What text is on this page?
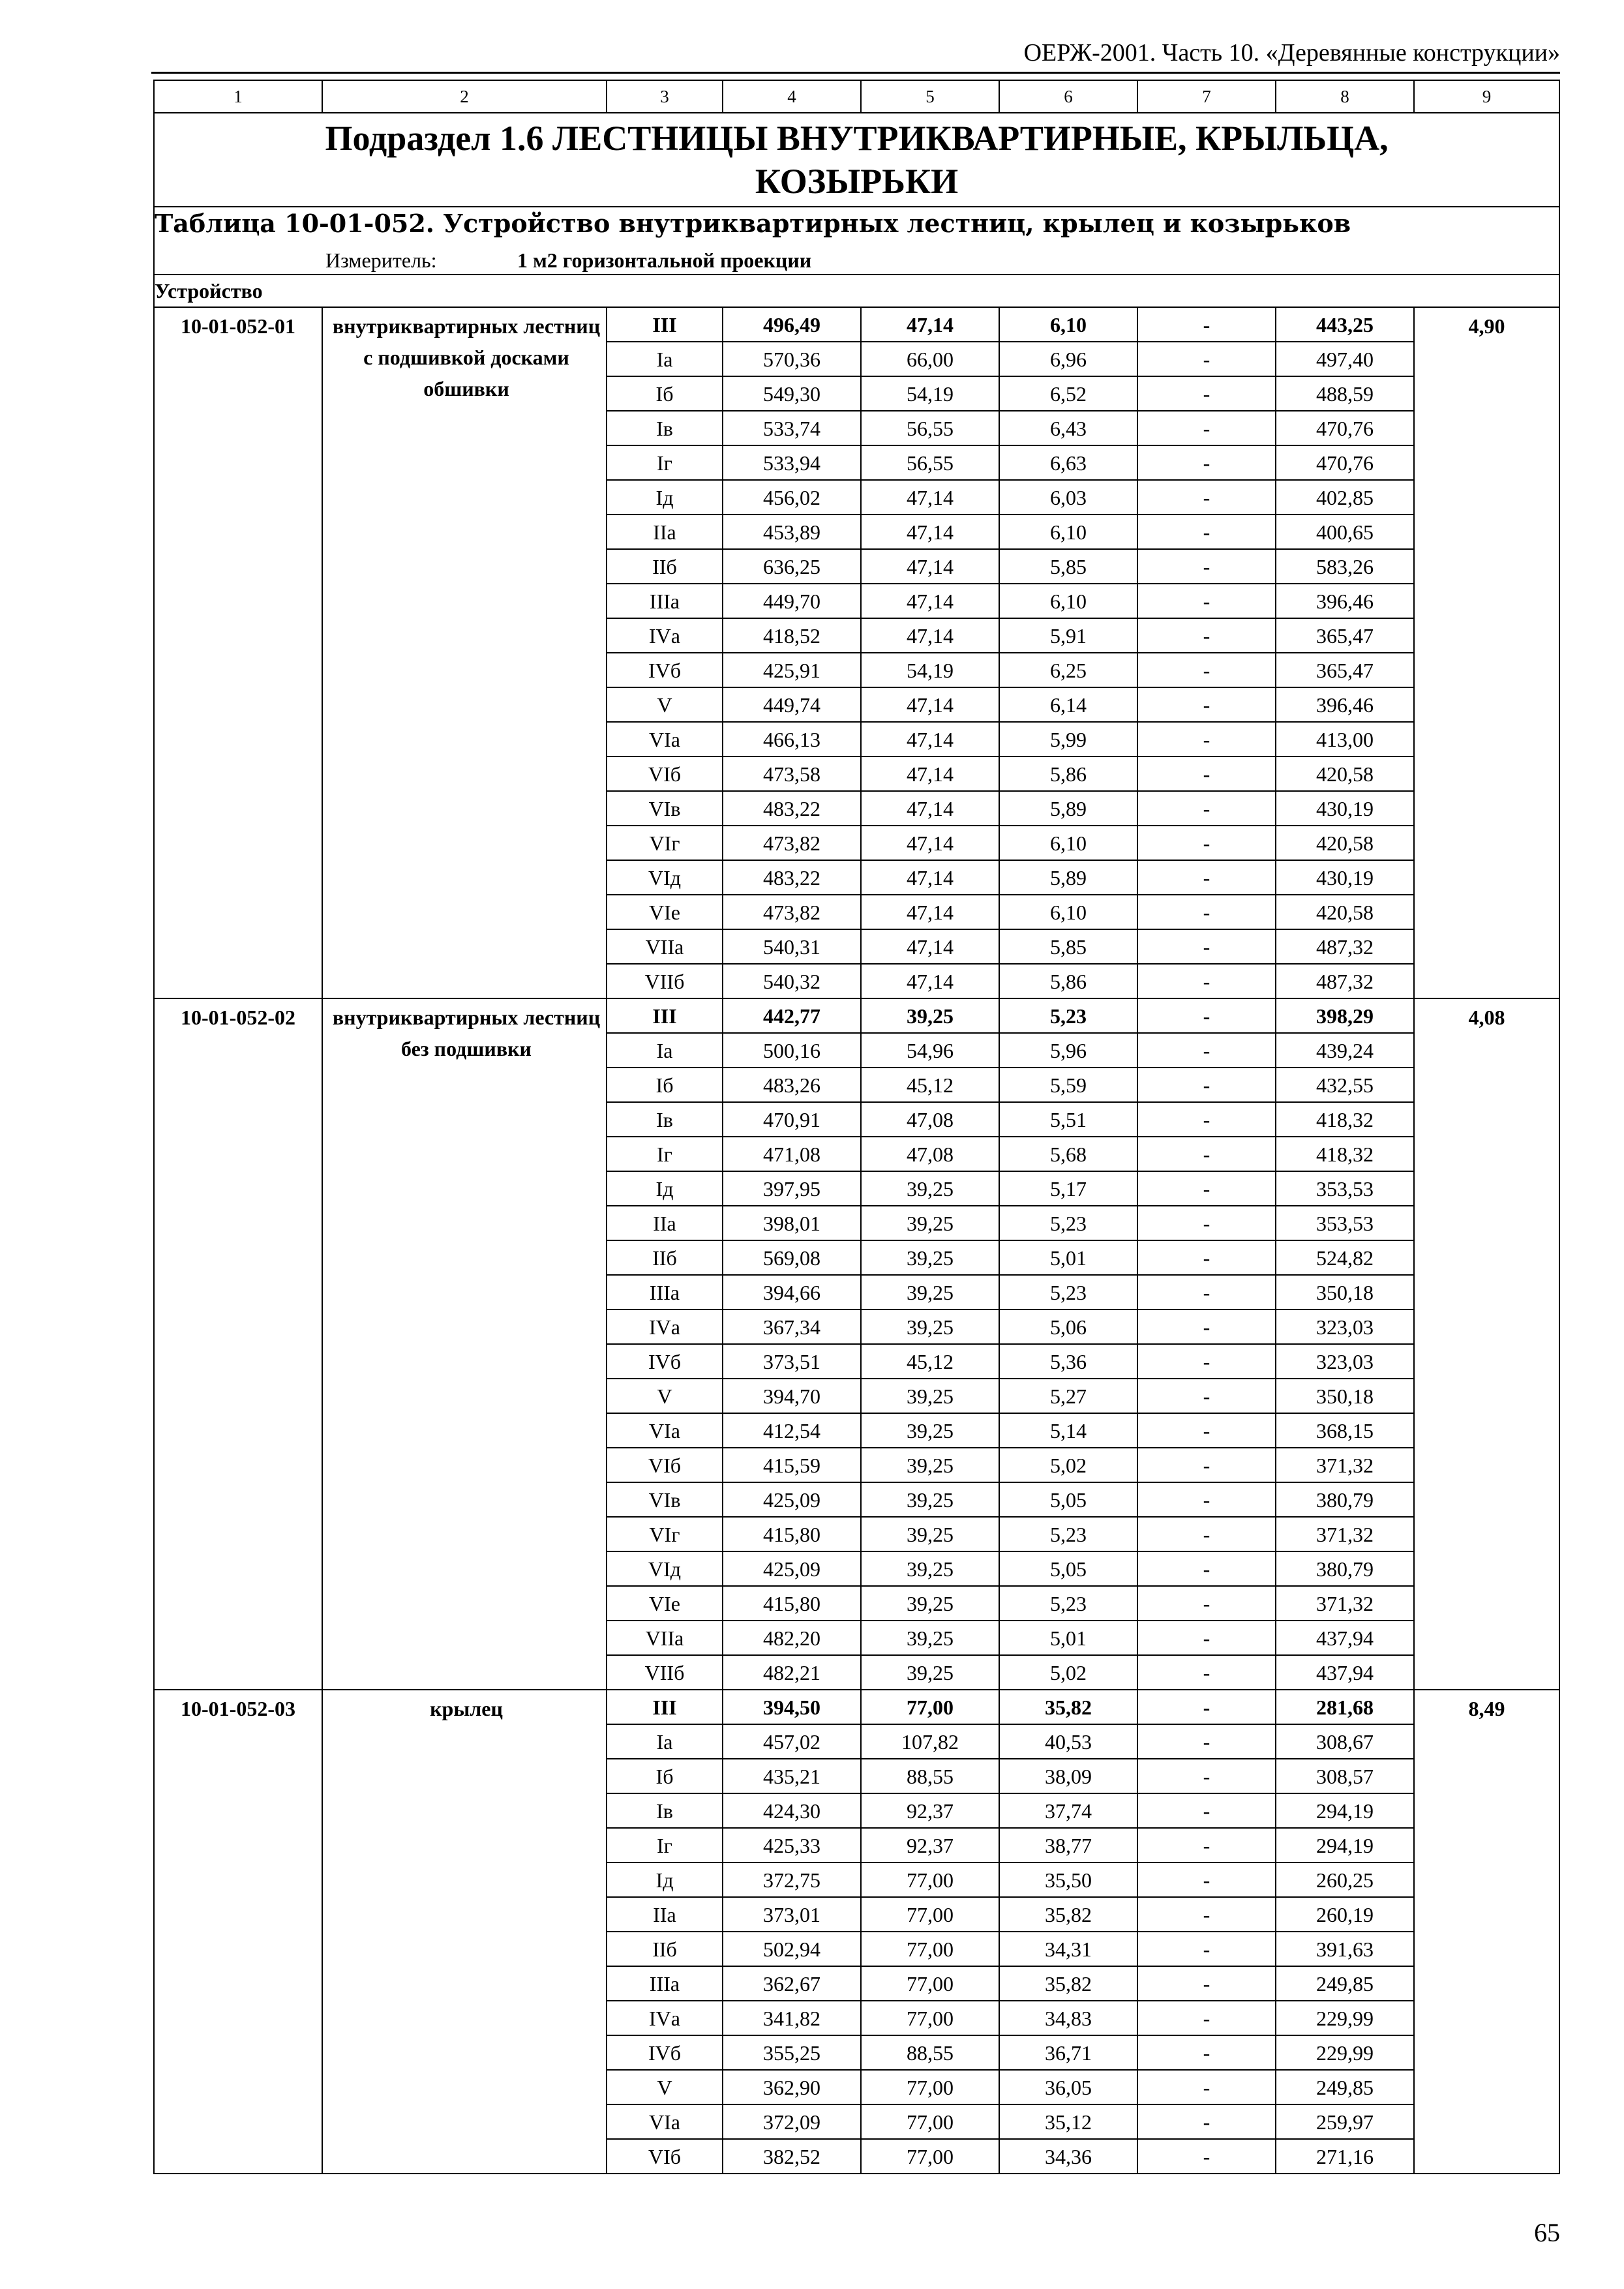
ОЕРЖ-2001. Часть 10. «Деревянные конструкции»
1	2	3	4	5	6	7	8	9

Подраздел 1.6 ЛЕСТНИЦЫ ВНУТРИКВАРТИРНЫЕ, КРЫЛЬЦА, КОЗЫРЬКИ								

Таблица 10-01-052. Устройство внутриквартирных лестниц, крылец и козырьков
Измеритель: 1 м2 горизонтальной проекции								

Устройство								
10-01-052-01	внутриквартирных лестниц с подшивкой досками обшивки	III	496,49	47,14	6,10	-	443,25	4,90
		Iа	570,36	66,00	6,96	-	497,40	
		Iб	549,30	54,19	6,52	-	488,59	
		Iв	533,74	56,55	6,43	-	470,76	
		Iг	533,94	56,55	6,63	-	470,76	
		Iд	456,02	47,14	6,03	-	402,85	
		IIа	453,89	47,14	6,10	-	400,65	
		IIб	636,25	47,14	5,85	-	583,26	
		IIIа	449,70	47,14	6,10	-	396,46	
		IVа	418,52	47,14	5,91	-	365,47	
		IVб	425,91	54,19	6,25	-	365,47	
		V	449,74	47,14	6,14	-	396,46	
		VIа	466,13	47,14	5,99	-	413,00	
		VIб	473,58	47,14	5,86	-	420,58	
		VIв	483,22	47,14	5,89	-	430,19	
		VIг	473,82	47,14	6,10	-	420,58	
		VIд	483,22	47,14	5,89	-	430,19	
		VIе	473,82	47,14	6,10	-	420,58	
		VIIа	540,31	47,14	5,85	-	487,32	
		VIIб	540,32	47,14	5,86	-	487,32	
10-01-052-02	внутриквартирных лестниц без подшивки	III	442,77	39,25	5,23	-	398,29	4,08
		Iа	500,16	54,96	5,96	-	439,24	
		Iб	483,26	45,12	5,59	-	432,55	
		Iв	470,91	47,08	5,51	-	418,32	
		Iг	471,08	47,08	5,68	-	418,32	
		Iд	397,95	39,25	5,17	-	353,53	
		IIа	398,01	39,25	5,23	-	353,53	
		IIб	569,08	39,25	5,01	-	524,82	
		IIIа	394,66	39,25	5,23	-	350,18	
		IVа	367,34	39,25	5,06	-	323,03	
		IVб	373,51	45,12	5,36	-	323,03	
		V	394,70	39,25	5,27	-	350,18	
		VIа	412,54	39,25	5,14	-	368,15	
		VIб	415,59	39,25	5,02	-	371,32	
		VIв	425,09	39,25	5,05	-	380,79	
		VIг	415,80	39,25	5,23	-	371,32	
		VIд	425,09	39,25	5,05	-	380,79	
		VIе	415,80	39,25	5,23	-	371,32	
		VIIа	482,20	39,25	5,01	-	437,94	
		VIIб	482,21	39,25	5,02	-	437,94	
10-01-052-03	крылец	III	394,50	77,00	35,82	-	281,68	8,49
		Iа	457,02	107,82	40,53	-	308,67	
		Iб	435,21	88,55	38,09	-	308,57	
		Iв	424,30	92,37	37,74	-	294,19	
		Iг	425,33	92,37	38,77	-	294,19	
		Iд	372,75	77,00	35,50	-	260,25	
		IIа	373,01	77,00	35,82	-	260,19	
		IIб	502,94	77,00	34,31	-	391,63	
		IIIа	362,67	77,00	35,82	-	249,85	
		IVа	341,82	77,00	34,83	-	229,99	
		IVб	355,25	88,55	36,71	-	229,99	
		V	362,90	77,00	36,05	-	249,85	
		VIа	372,09	77,00	35,12	-	259,97	
		VIб	382,52	77,00	34,36	-	271,16	
65
